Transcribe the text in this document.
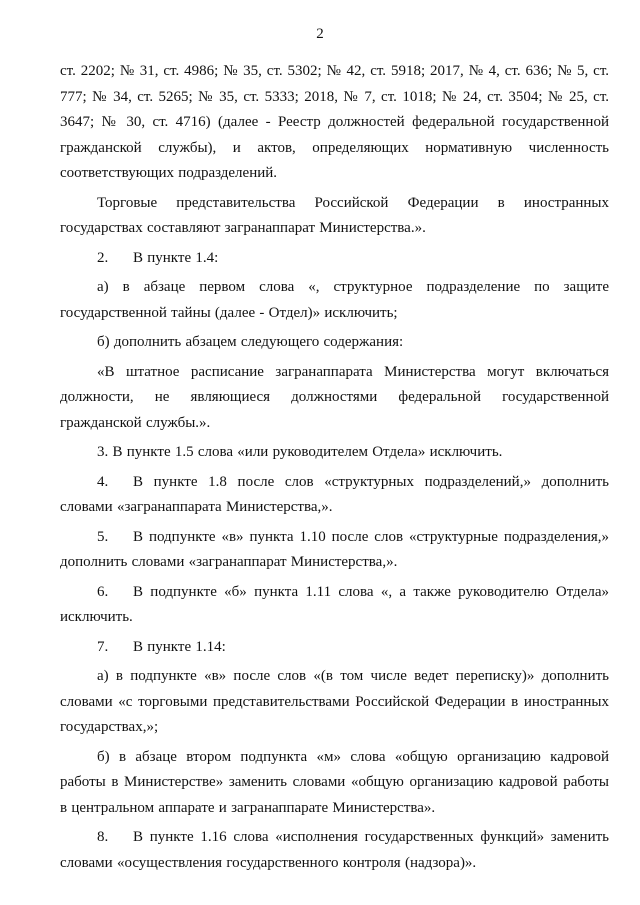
2

ст. 2202; № 31, ст. 4986; № 35, ст. 5302; № 42, ст. 5918; 2017, № 4, ст. 636; № 5, ст. 777; № 34, ст. 5265; № 35, ст. 5333; 2018, № 7, ст. 1018; № 24, ст. 3504; № 25, ст. 3647; № 30, ст. 4716) (далее - Реестр должностей федеральной государственной гражданской службы), и актов, определяющих нормативную численность соответствующих подразделений.

Торговые представительства Российской Федерации в иностранных государствах составляют загранаппарат Министерства.».

2. В пункте 1.4:

а) в абзаце первом слова «, структурное подразделение по защите государственной тайны (далее - Отдел)» исключить;

б) дополнить абзацем следующего содержания:

«В штатное расписание загранаппарата Министерства могут включаться должности, не являющиеся должностями федеральной государственной гражданской службы.».

3. В пункте 1.5 слова «или руководителем Отдела» исключить.

4. В пункте 1.8 после слов «структурных подразделений,» дополнить словами «загранаппарата Министерства,».

5. В подпункте «в» пункта 1.10 после слов «структурные подразделения,» дополнить словами «загранаппарат Министерства,».

6. В подпункте «б» пункта 1.11 слова «, а также руководителю Отдела» исключить.

7. В пункте 1.14:

а) в подпункте «в» после слов «(в том числе ведет переписку)» дополнить словами «с торговыми представительствами Российской Федерации в иностранных государствах,»;

б) в абзаце втором подпункта «м» слова «общую организацию кадровой работы в Министерстве» заменить словами «общую организацию кадровой работы в центральном аппарате и загранаппарате Министерства».

8. В пункте 1.16 слова «исполнения государственных функций» заменить словами «осуществления государственного контроля (надзора)».
